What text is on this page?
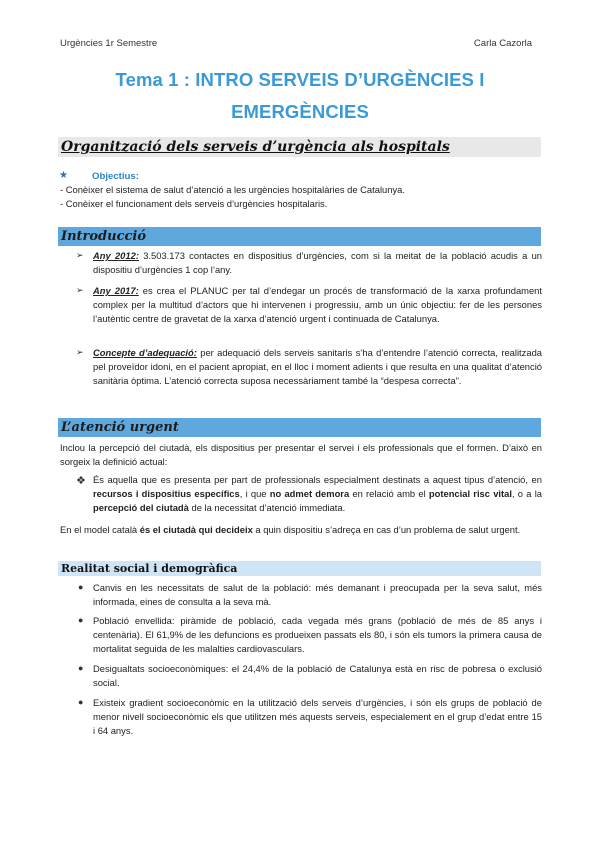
Urgències 1r Semestre	Carla Cazorla
Tema 1 : INTRO SERVEIS D’URGÈNCIES I
EMERGÈNCIES
Organització dels serveis d’urgència als hospitals
★	Objectius:
- Conèixer el sistema de salut d’atenció a les urgències hospitalàries de Catalunya.
- Conèixer el funcionament dels serveis d’urgències hospitalaris.
Introducció
➢ Any 2012: 3.503.173 contactes en dispositius d’urgències, com si la meitat de la població acudis a un dispositiu d’urgències 1 cop l’any.
➢ Any 2017: es crea el PLANUC per tal d’endegar un procés de transformació de la xarxa profundament complex per la multitud d’actors que hi intervenen i progressiu, amb un únic objectiu: fer de les persones l’autèntic centre de gravetat de la xarxa d’atenció urgent i continuada de Catalunya.
➢ Concepte d’adequació: per adequació dels serveis sanitaris s’ha d’entendre l’atenció correcta, realitzada pel proveïdor idoni, en el pacient apropiat, en el lloc i moment adients i que resulta en una qualitat d’atenció sanitària òptima. L’atenció correcta suposa necessàriament també la “despesa correcta”.
L’atenció urgent
Inclou la percepció del ciutadà, els dispositius per presentar el servei i els professionals que el formen. D’això en sorgeix la definició actual:
❖ És aquella que es presenta per part de professionals especialment destinats a aquest tipus d’atenció, en recursos i dispositius específics, i que no admet demora en relació amb el potencial risc vital, o a la percepció del ciutadà de la necessitat d’atenció immediata.
En el model català és el ciutadà qui decideix a quin dispositiu s’adreça en cas d’un problema de salut urgent.
Realitat social i demogràfica
● Canvis en les necessitats de salut de la població: més demanant i preocupada per la seva salut, més informada, eines de consulta a la seva mà.
● Població envellida: piràmide de població, cada vegada més grans (població de més de 85 anys i centenària). El 61,9% de les defuncions es produeixen passats els 80, i són els tumors la primera causa de mortalitat seguida de les malalties cardiovasculars.
● Desigualtats socioeconòmiques: el 24,4% de la població de Catalunya està en risc de pobresa o exclusió social.
● Existeix gradient socioeconòmic en la utilització dels serveis d’urgències, i són els grups de població de menor nivell socioeconòmic els que utilitzen més aquests serveis, especialement en el grup d’edat entre 15 i 64 anys.
